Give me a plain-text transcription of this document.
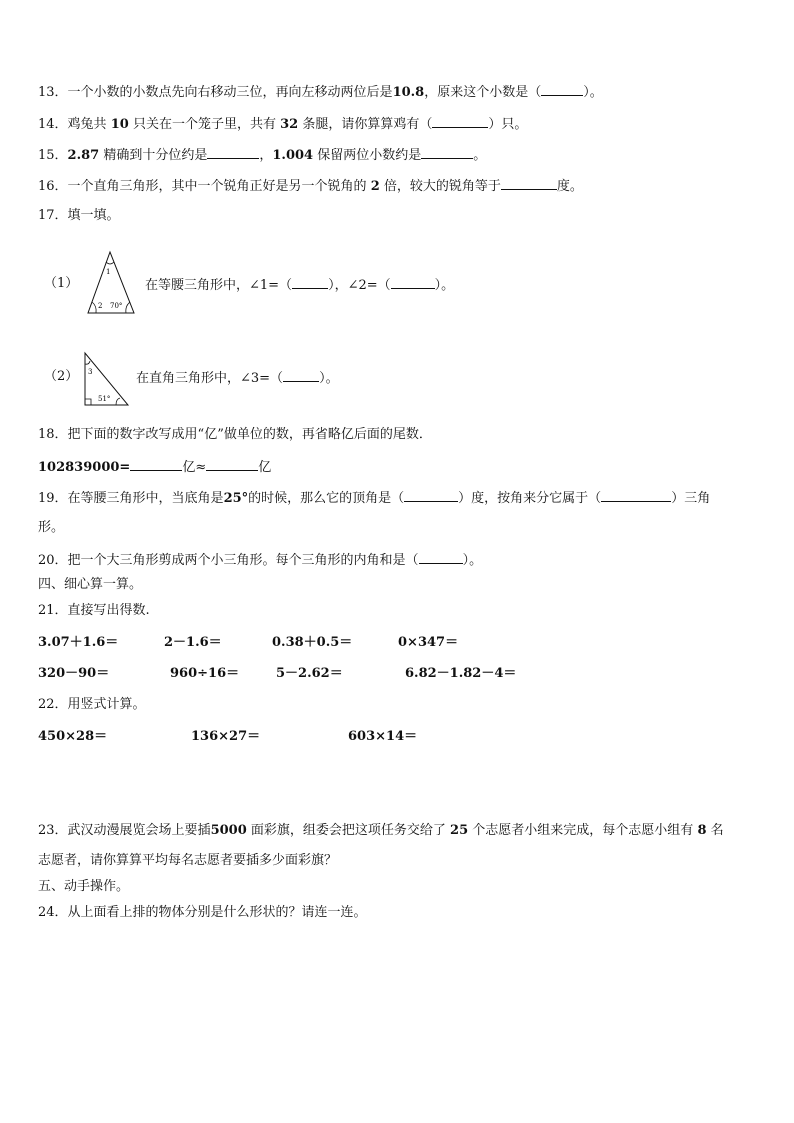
13．一个小数的小数点先向右移动三位，再向左移动两位后是10.8，原来这个小数是（	）。
14．鸡兔共 10 只关在一个笼子里，共有 32 条腿，请你算算鸡有（	）只。
15．2.87 精确到十分位约是	，1.004 保留两位小数约是	。
16．一个直角三角形，其中一个锐角正好是另一个锐角的 2 倍，较大的锐角等于	度。
17．填一填。
（1）
1
2 70°
在等腰三角形中，∠1=（	），∠2=（	）。
（2） 3
51°
在直角三角形中，∠3=（	）。
18．把下面的数字改写成用“亿”做单位的数，再省略亿后面的尾数．
102839000=	亿≈	亿
19．在等腰三角形中，当底角是25°的时候，那么它的顶角是（	）度，按角来分它属于（	）三角
形。
20．把一个大三角形剪成两个小三角形。每个三角形的内角和是（	）。
四、细心算一算。
21．直接写出得数.
3.07＋1.6＝	2－1.6＝	0.38＋0.5＝	0×347＝
320－90＝	960÷16＝	5－2.62＝	6.82－1.82－4＝
22．用竖式计算。
450×28＝	136×27＝	603×14＝
23．武汉动漫展览会场上要插5000 面彩旗，组委会把这项任务交给了 25 个志愿者小组来完成，每个志愿小组有 8 名
志愿者，请你算算平均每名志愿者要插多少面彩旗？
五、动手操作。
24．从上面看上排的物体分别是什么形状的？请连一连。
